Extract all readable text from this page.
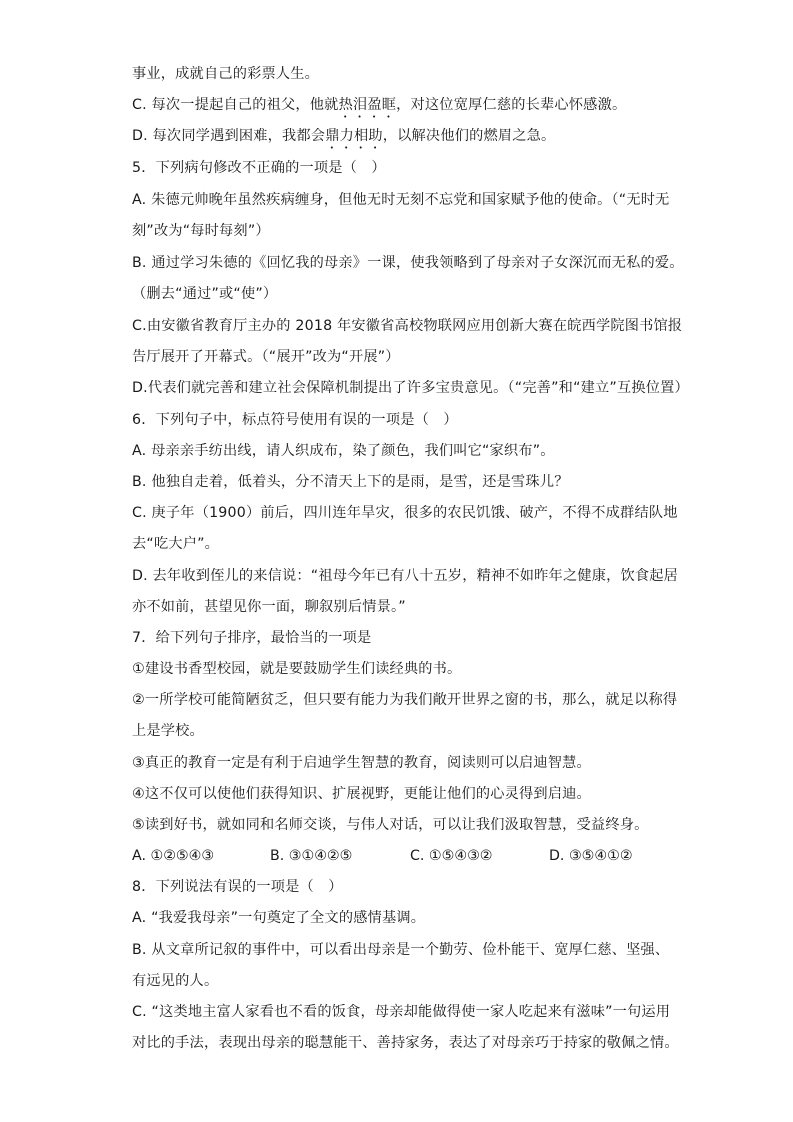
事业，成就自己的彩票人生。
C. 每次一提起自己的祖父，他就热泪盈眶，对这位宽厚仁慈的长辈心怀感激。
D. 每次同学遇到困难，我都会鼎力相助，以解决他们的燃眉之急。
5．下列病句修改不正确的一项是（　）
A. 朱德元帅晚年虽然疾病缠身，但他无时无刻不忘党和国家赋予他的使命。（“无时无
刻”改为“每时每刻”）
B. 通过学习朱德的《回忆我的母亲》一课，使我领略到了母亲对子女深沉而无私的爱。
（删去“通过”或“使”）
C.由安徽省教育厅主办的 2018 年安徽省高校物联网应用创新大赛在皖西学院图书馆报
告厅展开了开幕式。（“展开”改为“开展”）
D.代表们就完善和建立社会保障机制提出了许多宝贵意见。（“完善”和“建立”互换位置）
6．下列句子中，标点符号使用有误的一项是（　）
A. 母亲亲手纺出线，请人织成布，染了颜色，我们叫它“家织布”。
B. 他独自走着，低着头，分不清天上下的是雨，是雪，还是雪珠儿？
C. 庚子年（1900）前后，四川连年旱灾，很多的农民饥饿、破产，不得不成群结队地
去“吃大户”。
D. 去年收到侄儿的来信说：“祖母今年已有八十五岁，精神不如昨年之健康，饮食起居
亦不如前，甚望见你一面，聊叙别后情景。”
7．给下列句子排序，最恰当的一项是
①建设书香型校园，就是要鼓励学生们读经典的书。
②一所学校可能简陋贫乏，但只要有能力为我们敞开世界之窗的书，那么，就足以称得
上是学校。
③真正的教育一定是有利于启迪学生智慧的教育，阅读则可以启迪智慧。
④这不仅可以使他们获得知识、扩展视野，更能让他们的心灵得到启迪。
⑤读到好书，就如同和名师交谈，与伟人对话，可以让我们汲取智慧，受益终身。
A. ①②⑤④③	B. ③①④②⑤	C. ①⑤④③②	D. ③⑤④①②
8．下列说法有误的一项是（　）
A. “我爱我母亲”一句奠定了全文的感情基调。
B. 从文章所记叙的事件中，可以看出母亲是一个勤劳、俭朴能干、宽厚仁慈、坚强、
有远见的人。
C. “这类地主富人家看也不看的饭食，母亲却能做得使一家人吃起来有滋味”一句运用
对比的手法，表现出母亲的聪慧能干、善持家务，表达了对母亲巧于持家的敬佩之情。
